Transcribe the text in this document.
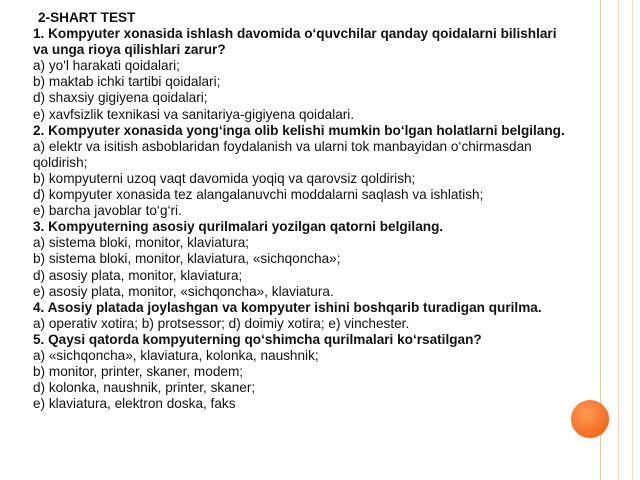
2-SHART TEST

1. Kompyuter xonasida ishlash davomida o‘quvchilar qanday qoidalarni bilishlari va unga rioya qilishlari zarur?

a) yo'l harakati qoidalari;

b) maktab ichki tartibi qoidalari;

d) shaxsiy gigiyena qoidalari;

e) xavfsizlik texnikasi va sanitariya-gigiyena qoidalari.

2. Kompyuter xonasida yong‘inga olib kelishi mumkin bo‘lgan holatlarni belgilang.

a) elektr va isitish asboblaridan foydalanish va ularni tok manbayidan o‘chirmasdan qoldirish;

b) kompyuterni uzoq vaqt davomida yoqiq va qarovsiz qoldirish;

d) kompyuter xonasida tez alangalanuvchi moddalarni saqlash va ishlatish;

e) barcha javoblar to‘g‘ri.

3. Kompyuterning asosiy qurilmalari yozilgan qatorni belgilang.

a) sistema bloki, monitor, klaviatura;

b) sistema bloki, monitor, klaviatura, «sichqoncha»;

d) asosiy plata, monitor, klaviatura;

e) asosiy plata, monitor, «sichqoncha», klaviatura.

4. Asosiy platada joylashgan va kompyuter ishini boshqarib turadigan qurilma.

a) operativ xotira; b) protsessor; d) doimiy xotira; e) vinchester.

5. Qaysi qatorda kompyuterning qo‘shimcha qurilmalari ko‘rsatilgan?

a) «sichqoncha», klaviatura, kolonka, naushnik;

b) monitor, printer, skaner, modem;

d) kolonka, naushnik, printer, skaner;

e) klaviatura, elektron doska, faks
